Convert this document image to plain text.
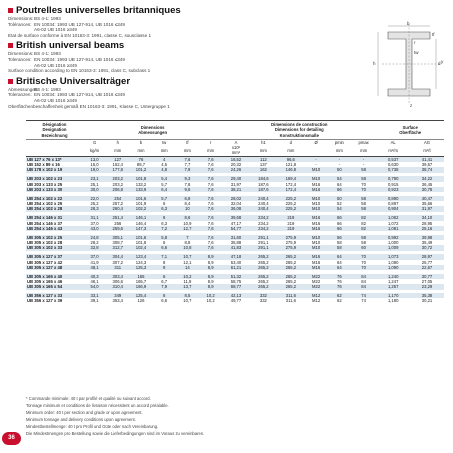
Poutrelles universelles britanniques
Dimensions: BS 4-1: 1993
Tolérances: EN 10034: 1993 UB 127-914, UB 1016 ≤349
A6-02 UB 1016 ≥349
Etat de surface conforme à EN 10163-3: 1991, classe C, sousclasse 1
British universal beams
Dimensions: BS 4-1: 1993
Tolerances: EN 10034: 1993 UB 127-914, UB 1016 ≤349
A6-02 UB 1016 ≥349
Surface condition according to EN 10163-3: 1991, class C, subclass 1
Britische Universalträger
Abmessungen:
BS 4-1: 1993
Toleranzen: EN 10034: 1993 UB 127-914, UB 1016 ≤349
A6-02 UB 1016 ≥349
Oberflächenbeschaffenheit gemäß EN 10163-3: 1991, Klasse C, Untergruppe 1
b
tf
tw
r
h	d y
z
Désignation
Designation
Bezeichnung	Dimensions
Abmessungen						Dimensions de construction
Dimensions for detailing
Konstruktionsmaße						Surface
Oberfläche	
	G	h	b	tw	tf	r	A	h1	d	Ø	pmin	pmax	AL	AG
	kg/m	mm	mm	mm	mm	mm	x10²
mm²	mm	mm		mm	mm	m²/m	m²/t
UB 127 x 76 x 13*	13,0	127	76	4	7,6	7,6	16,52	112	96,6	-	-	-	0,537	41,41
UB 152 x 89 x 16	16,0	152,4	88,7	4,5	7,7	7,6	20,32	137	121,8	-	-	-	0,630	39,57
UB 178 x 102 x 19	19,0	177,8	101,2	4,8	7,9	7,6	24,26	162	146,8	M10	50	58	0,738	38,74

UB 203 x 102 x 23	23,1	203,2	101,8	5,4	9,3	7,6	29,40	184,6	169,4	M10	54	58	0,790	34,22
UB 203 x 133 x 25	25,1	203,2	133,2	5,7	7,8	7,6	31,97	187,6	172,4	M16	64	70	0,915	36,45
UB 203 x 133 x 30	30,0	206,8	133,9	6,4	9,6	7,6	38,21	187,6	172,4	M16	66	70	0,923	30,78

UB 254 x 102 x 22	22,0	254	101,6	5,7	6,8	7,6	28,02	240,4	225,2	M10	50	58	0,890	40,47
UB 254 x 102 x 25	25,2	257,2	101,9	6	8,4	7,6	32,04	240,4	225,2	M10	52	58	0,897	35,66
UB 254 x 102 x 28	28,3	260,4	102,2	6,3	10	7,6	36,08	240,4	225,2	M10	54	58	0,904	31,97

UB 254 x 146 x 31	31,1	251,4	146,1	6	8,6	7,6	39,68	234,2	219	M16	66	82	1,062	34,10
UB 254 x 146 x 37	37,0	256	146,4	6,3	10,9	7,6	47,17	234,2	219	M16	66	82	1,072	28,95
UB 254 x 146 x 43	43,0	259,6	147,3	7,2	12,7	7,6	54,77	234,2	219	M16	66	82	1,081	25,16

UB 305 x 102 x 25	24,8	305,1	101,6	5,8	7	7,6	31,60	291,1	275,9	M10	56	58	0,992	39,98
UB 305 x 102 x 28	28,2	308,7	101,8	6	8,8	7,6	35,88	291,1	275,9	M10	58	58	1,000	35,49
UB 305 x 102 x 33	32,8	312,7	102,4	6,6	10,8	7,6	41,83	291,1	275,9	M10	58	60	1,009	30,72

UB 305 x 127 x 37	37,0	304,4	123,4	7,1	10,7	8,9	47,18	265,2	265,2	M16	64	70	1,073	28,97
UB 305 x 127 x 42	41,9	307,2	124,3	8	12,1	8,9	53,40	265,2	265,2	M16	64	70	1,080	25,77
UB 305 x 127 x 48	48,1	311	125,3	9	14	8,9	61,21	265,2	265,2	M16	64	70	1,090	22,67

UB 305 x 165 x 40	40,3	303,4	165	6	10,2	8,9	51,32	265,2	265,2	M22	76	84	1,240	30,77
UB 305 x 165 x 46	46,1	306,6	165,7	6,7	11,8	8,9	58,75	265,2	265,2	M22	76	84	1,247	27,05
UB 305 x 165 x 54	54,0	310,4	166,9	7,9	13,7	8,9	68,77	265,2	265,2	M22	76	84	1,257	23,29

UB 356 x 127 x 33	33,1	349	125,4	6	8,5	10,2	42,13	332	311,6	M12	62	74	1,170	35,38
UB 356 x 127 x 39	39,1	353,4	126	6,6	10,7	10,2	49,77	332	311,6	M12	62	74	1,180	30,21
* Commande minimale: 40 t par profilé et qualité ou suivant accord.
Tonnage minimum et conditions de livraison nécessitent un accord préalable.
Minimum order: 40 t per section and grade or upon agreement.
Minimum tonnage and delivery conditions upon agreement.
Mindestbestellmenge: 40 t pro Profil und Güte oder nach Vereinbarung.
Die Mindestmengen pro Bestellung sowie die Lieferbedingungen sind im Voraus zu vereinbaren.
36
